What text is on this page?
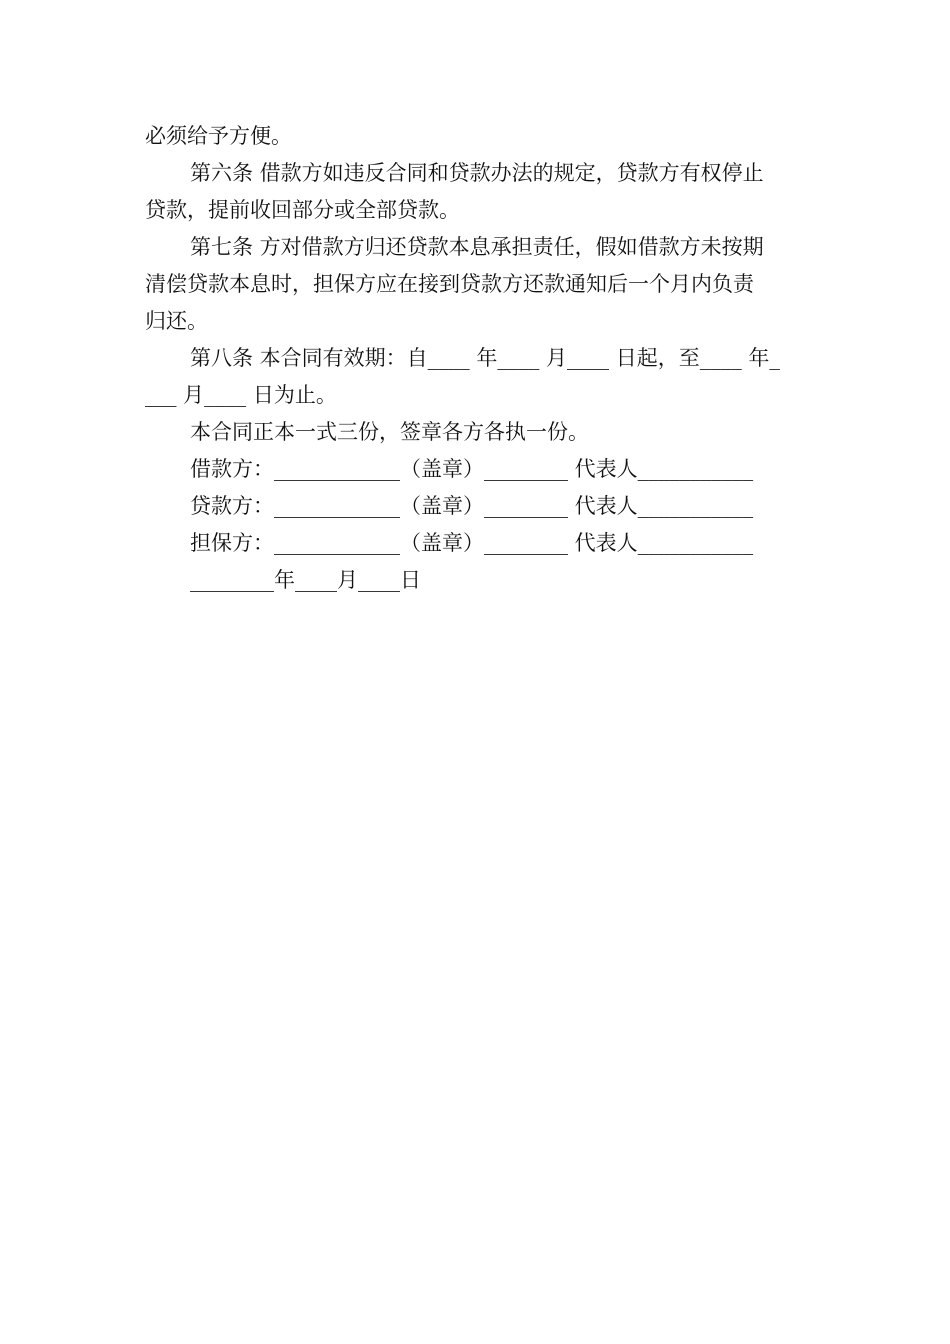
必须给予方便。
第六条 借款方如违反合同和贷款办法的规定，贷款方有权停止
贷款，提前收回部分或全部贷款。
第七条 方对借款方归还贷款本息承担责任，假如借款方未按期
清偿贷款本息时，担保方应在接到贷款方还款通知后一个月内负责
归还。
第八条 本合同有效期：自____ 年____ 月____ 日起，至____ 年_
___ 月____ 日为止。
本合同正本一式三份，签章各方各执一份。
借款方：____________（盖章）________ 代表人___________
贷款方：____________（盖章）________ 代表人___________
担保方：____________（盖章）________ 代表人___________
________年____月____日
